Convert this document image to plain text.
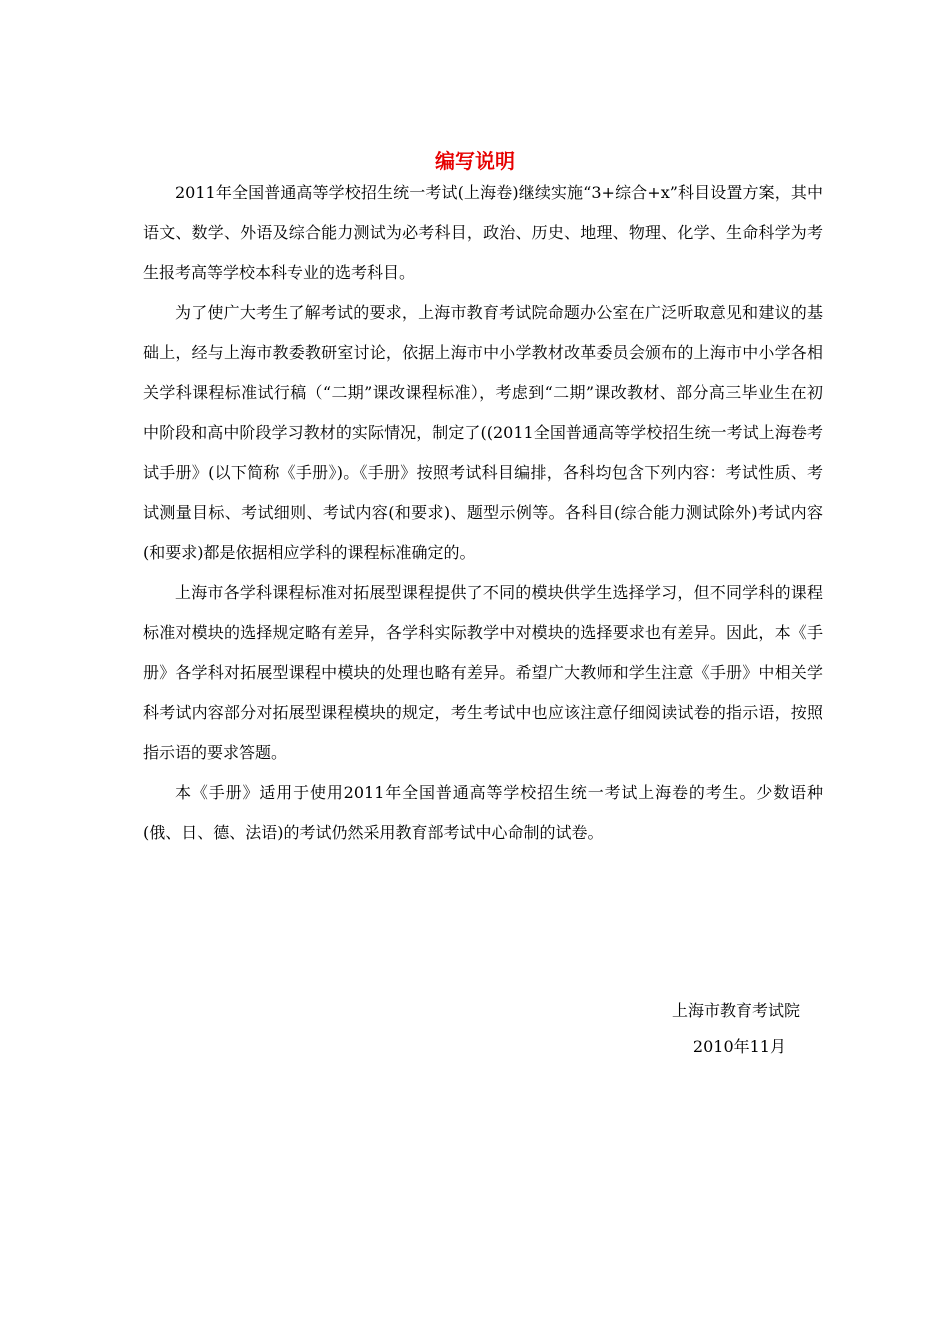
编写说明

2011年全国普通高等学校招生统一考试(上海卷)继续实施“3+综合+x”科目设置方案，其中语文、数学、外语及综合能力测试为必考科目，政治、历史、地理、物理、化学、生命科学为考生报考高等学校本科专业的选考科目。

为了使广大考生了解考试的要求，上海市教育考试院命题办公室在广泛听取意见和建议的基础上，经与上海市教委教研室讨论，依据上海市中小学教材改革委员会颁布的上海市中小学各相关学科课程标准试行稿（“二期”课改课程标准），考虑到“二期”课改教材、部分高三毕业生在初中阶段和高中阶段学习教材的实际情况，制定了((2011全国普通高等学校招生统一考试上海卷考试手册》(以下简称《手册》)。《手册》按照考试科目编排，各科均包含下列内容：考试性质、考试测量目标、考试细则、考试内容(和要求)、题型示例等。各科目(综合能力测试除外)考试内容(和要求)都是依据相应学科的课程标准确定的。

上海市各学科课程标准对拓展型课程提供了不同的模块供学生选择学习，但不同学科的课程标准对模块的选择规定略有差异，各学科实际教学中对模块的选择要求也有差异。因此，本《手册》各学科对拓展型课程中模块的处理也略有差异。希望广大教师和学生注意《手册》中相关学科考试内容部分对拓展型课程模块的规定，考生考试中也应该注意仔细阅读试卷的指示语，按照指示语的要求答题。

本《手册》适用于使用2011年全国普通高等学校招生统一考试上海卷的考生。少数语种(俄、日、德、法语)的考试仍然采用教育部考试中心命制的试卷。

上海市教育考试院
2010年11月
